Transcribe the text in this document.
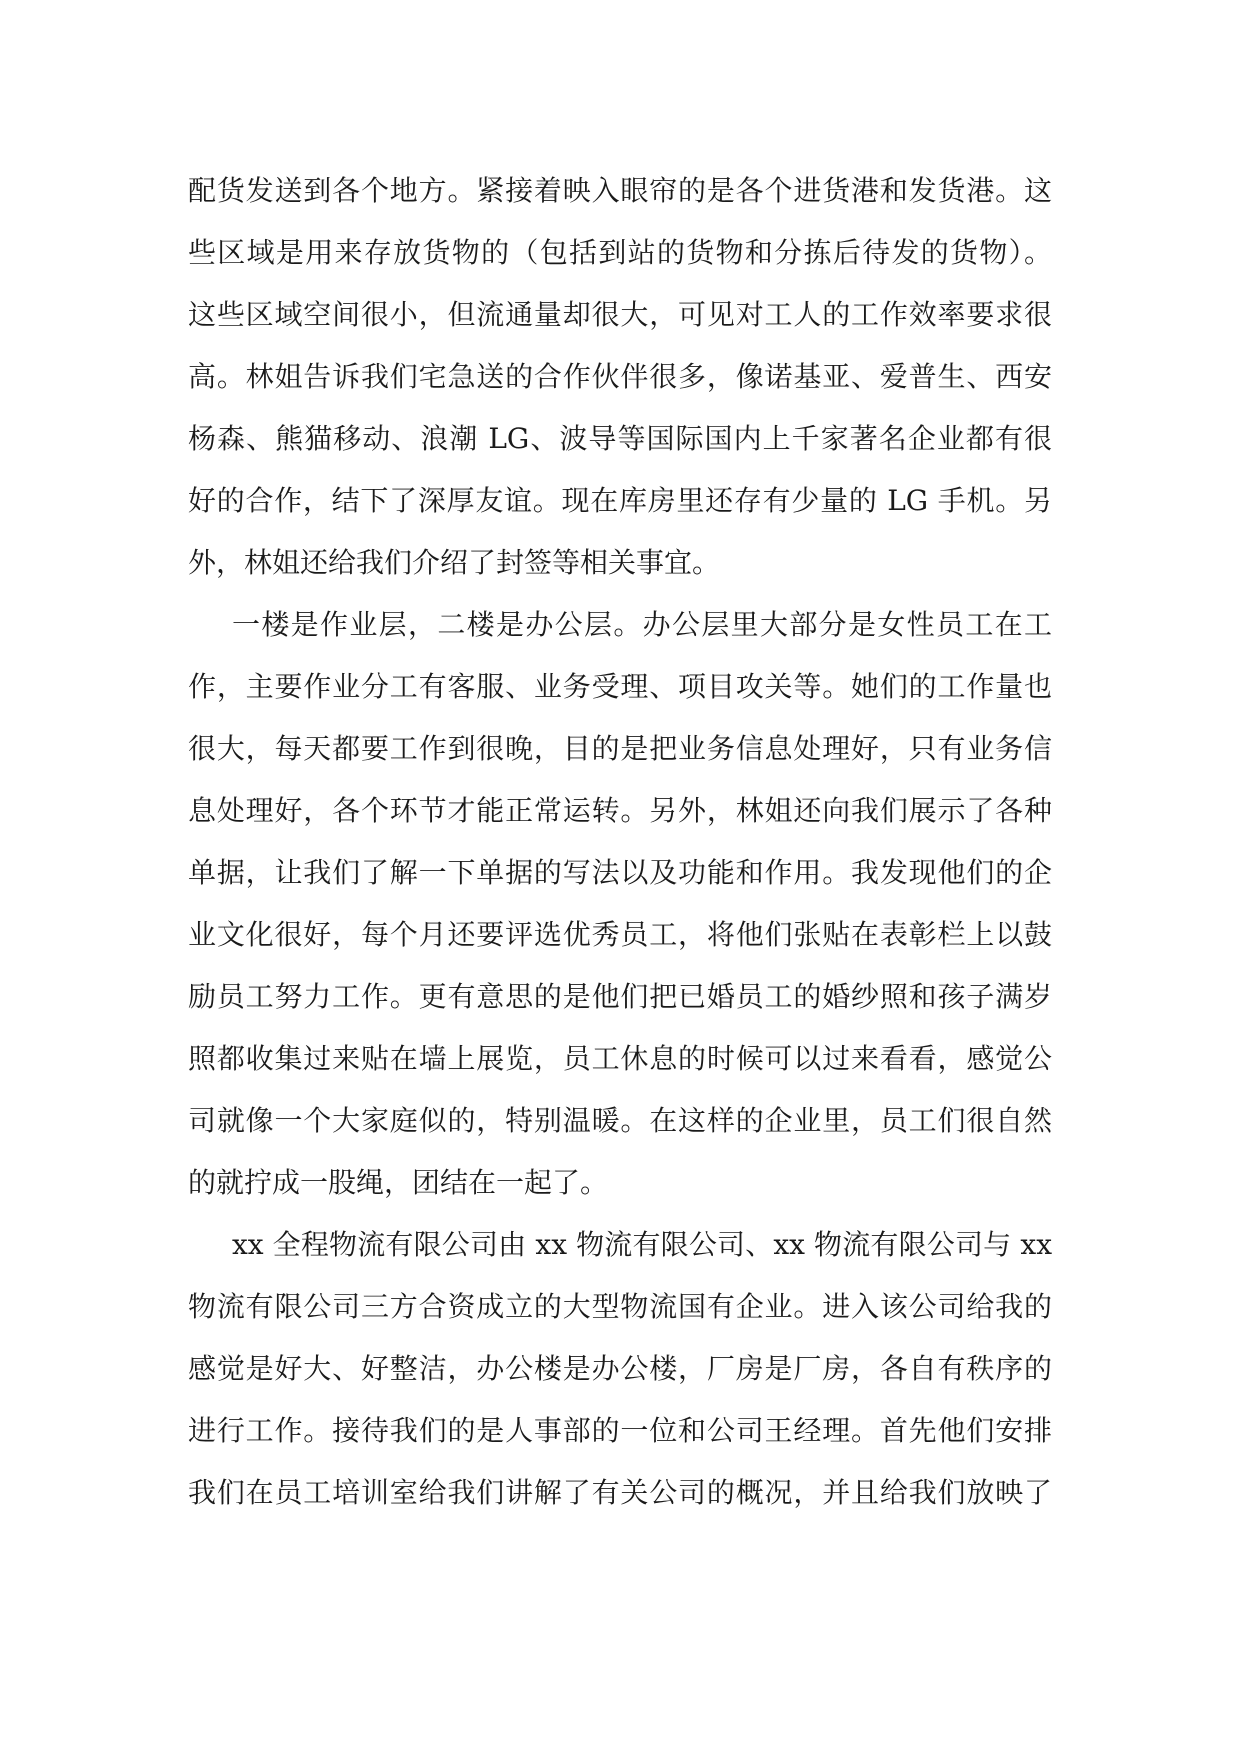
配货发送到各个地方。紧接着映入眼帘的是各个进货港和发货港。这
些区域是用来存放货物的（包括到站的货物和分拣后待发的货物）。
这些区域空间很小，但流通量却很大，可见对工人的工作效率要求很
高。林姐告诉我们宅急送的合作伙伴很多，像诺基亚、爱普生、西安
杨森、熊猫移动、浪潮 LG、波导等国际国内上千家著名企业都有很
好的合作，结下了深厚友谊。现在库房里还存有少量的 LG 手机。另
外，林姐还给我们介绍了封签等相关事宜。
一楼是作业层，二楼是办公层。办公层里大部分是女性员工在工
作，主要作业分工有客服、业务受理、项目攻关等。她们的工作量也
很大，每天都要工作到很晚，目的是把业务信息处理好，只有业务信
息处理好，各个环节才能正常运转。另外，林姐还向我们展示了各种
单据，让我们了解一下单据的写法以及功能和作用。我发现他们的企
业文化很好，每个月还要评选优秀员工，将他们张贴在表彰栏上以鼓
励员工努力工作。更有意思的是他们把已婚员工的婚纱照和孩子满岁
照都收集过来贴在墙上展览，员工休息的时候可以过来看看，感觉公
司就像一个大家庭似的，特别温暖。在这样的企业里，员工们很自然
的就拧成一股绳，团结在一起了。
xx 全程物流有限公司由 xx 物流有限公司、xx 物流有限公司与 xx
物流有限公司三方合资成立的大型物流国有企业。进入该公司给我的
感觉是好大、好整洁，办公楼是办公楼，厂房是厂房，各自有秩序的
进行工作。接待我们的是人事部的一位和公司王经理。首先他们安排
我们在员工培训室给我们讲解了有关公司的概况，并且给我们放映了
